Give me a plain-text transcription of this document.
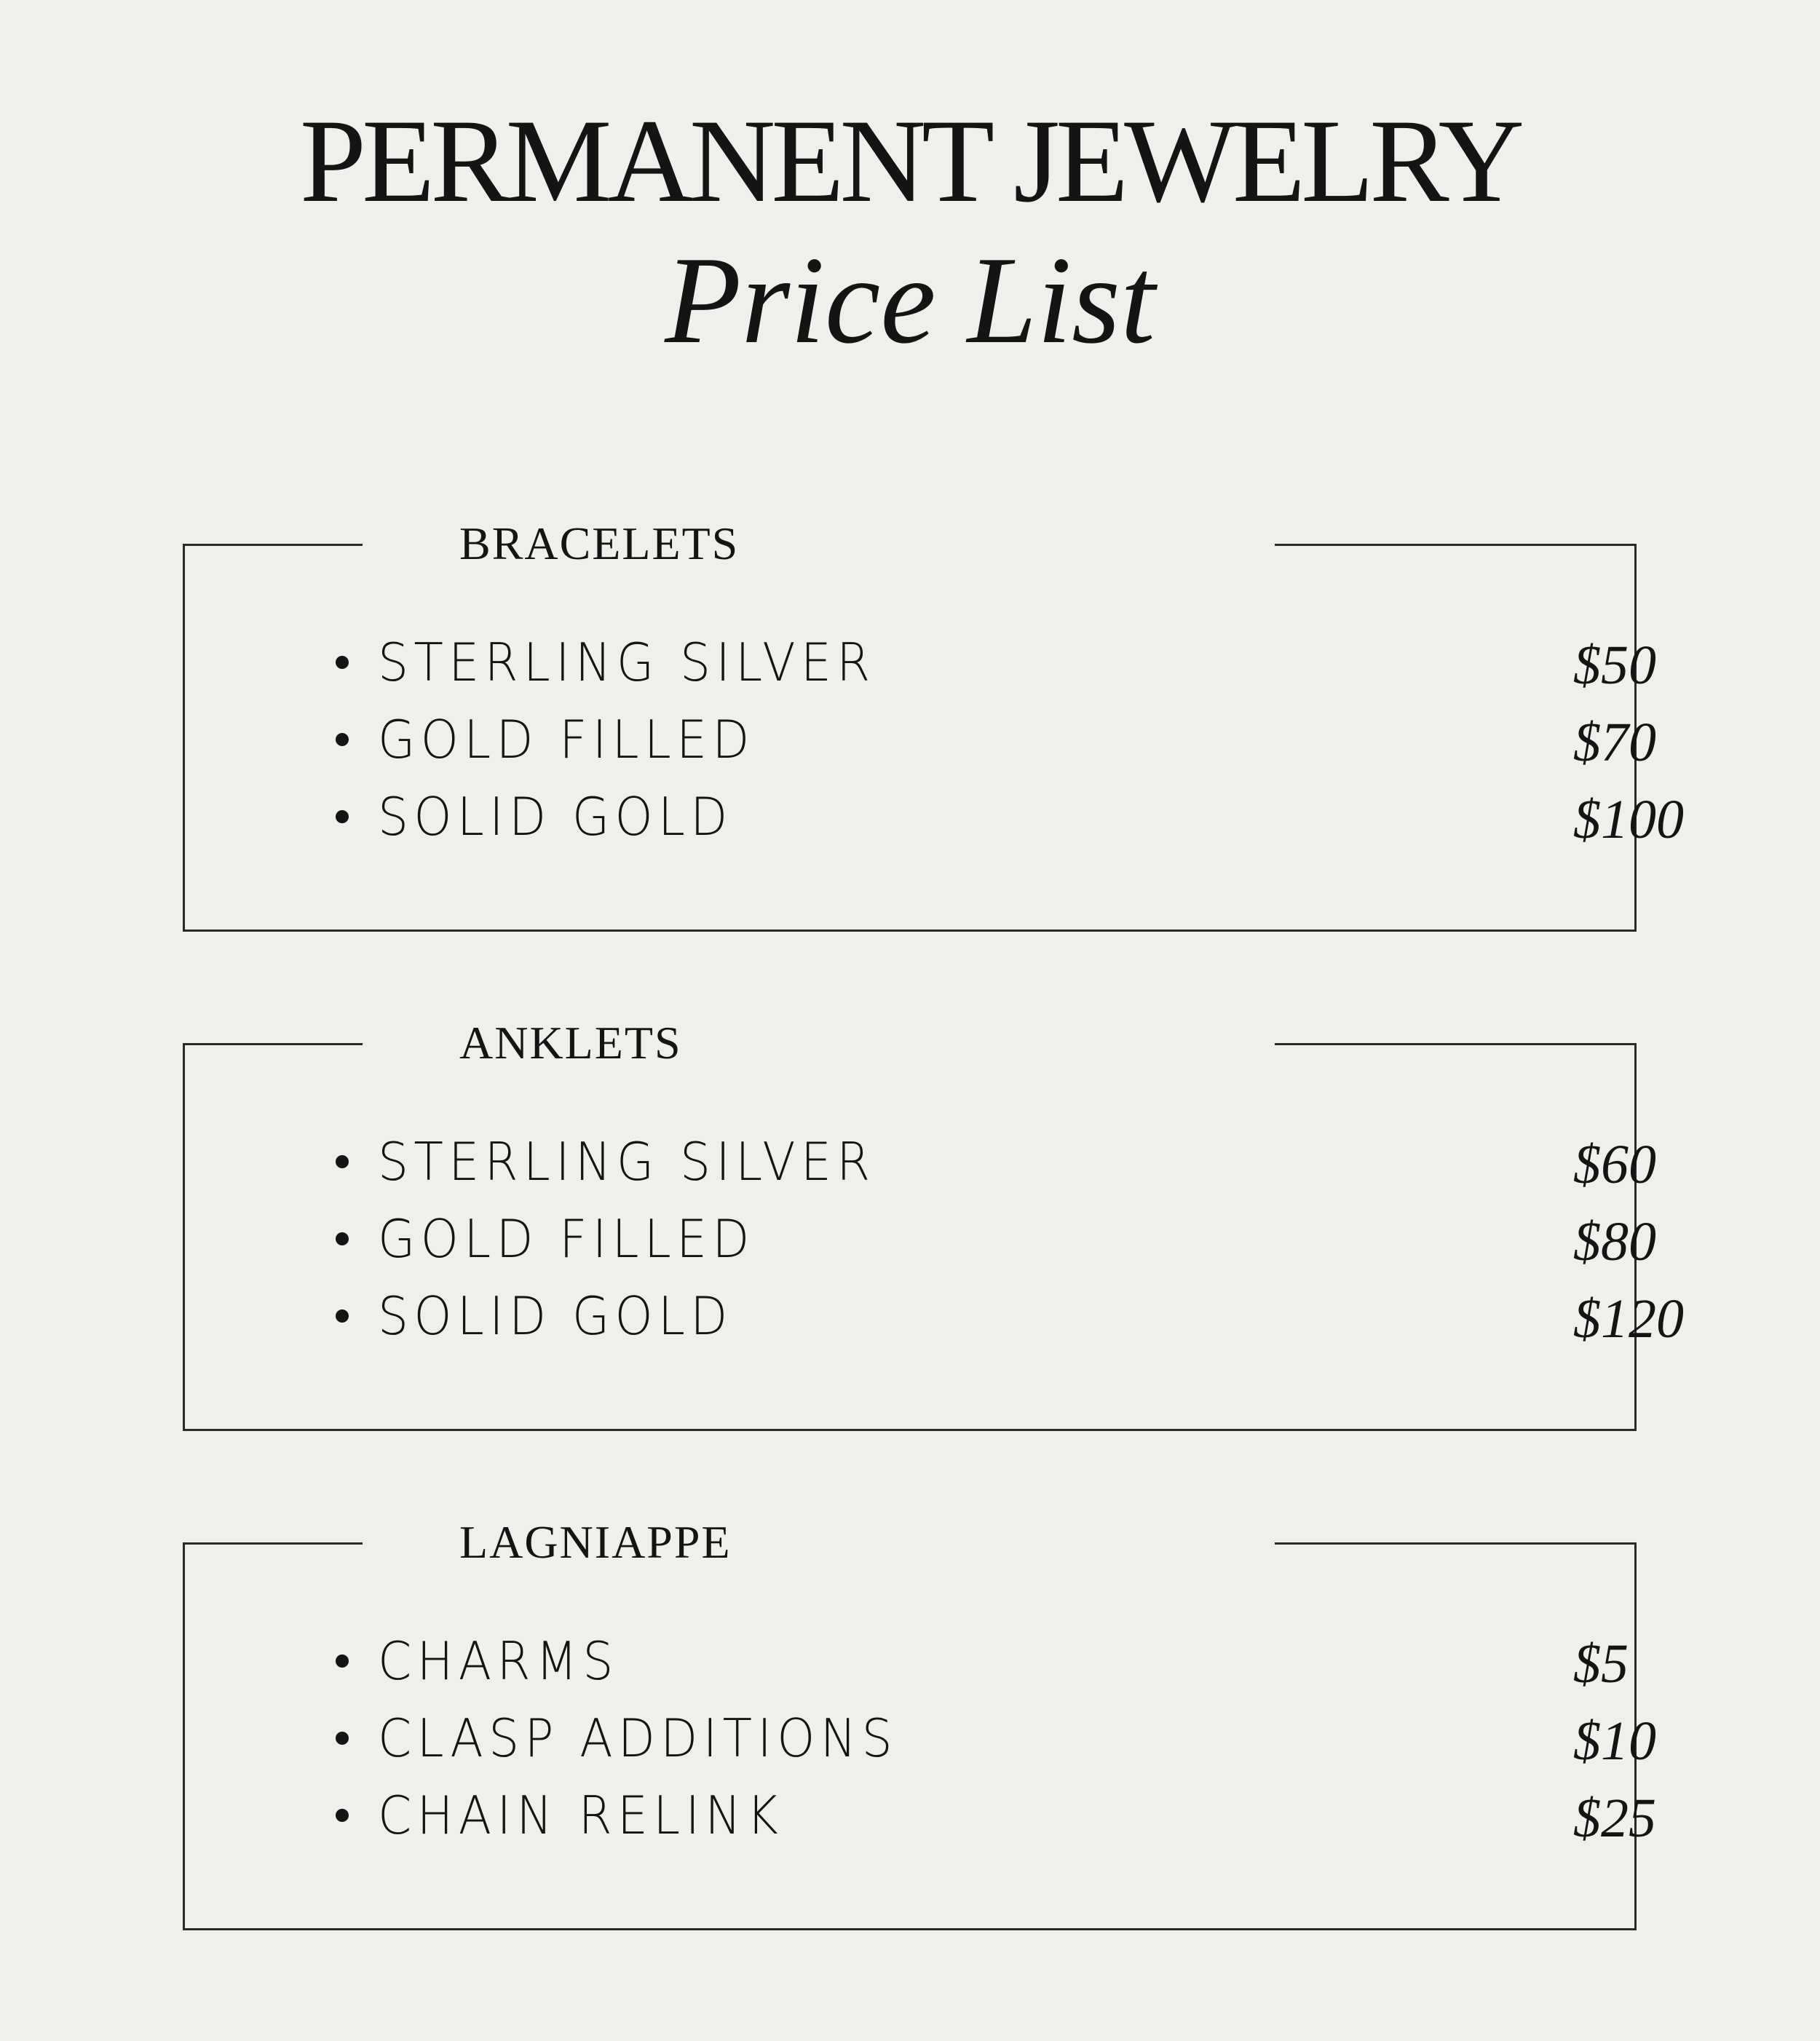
PERMANENT JEWELRY
Price List
BRACELETS
STERLING SILVER	$50
GOLD FILLED	$70
SOLID GOLD	$100
ANKLETS
STERLING SILVER	$60
GOLD FILLED	$80
SOLID GOLD	$120
LAGNIAPPE
CHARMS	$5
CLASP ADDITIONS	$10
CHAIN RELINK	$25
